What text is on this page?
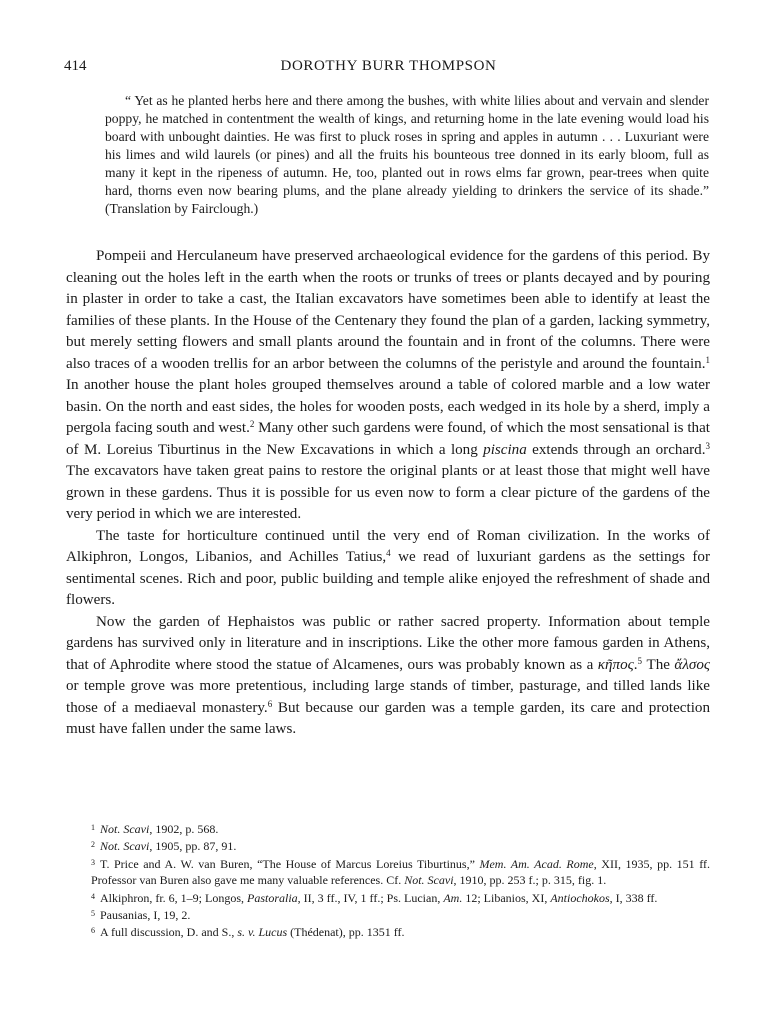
414	DOROTHY BURR THOMPSON
“ Yet as he planted herbs here and there among the bushes, with white lilies about and vervain and slender poppy, he matched in contentment the wealth of kings, and returning home in the late evening would load his board with unbought dainties. He was first to pluck roses in spring and apples in autumn . . . Luxuriant were his limes and wild laurels (or pines) and all the fruits his bounteous tree donned in its early bloom, full as many it kept in the ripeness of autumn. He, too, planted out in rows elms far grown, pear-trees when quite hard, thorns even now bearing plums, and the plane already yielding to drinkers the service of its shade.” (Translation by Fairclough.)

Pompeii and Herculaneum have preserved archaeological evidence for the gardens of this period. By cleaning out the holes left in the earth when the roots or trunks of trees or plants decayed and by pouring in plaster in order to take a cast, the Italian excavators have sometimes been able to identify at least the families of these plants. In the House of the Centenary they found the plan of a garden, lacking symmetry, but merely setting flowers and small plants around the fountain and in front of the columns. There were also traces of a wooden trellis for an arbor between the columns of the peristyle and around the fountain.$^1$ In another house the plant holes grouped themselves around a table of colored marble and a low water basin. On the north and east sides, the holes for wooden posts, each wedged in its hole by a sherd, imply a pergola facing south and west.$^2$ Many other such gardens were found, of which the most sensational is that of M. Loreius Tiburtinus in the New Excavations in which a long piscina extends through an orchard.$^3$ The excavators have taken great pains to restore the original plants or at least those that might well have grown in these gardens. Thus it is possible for us even now to form a clear picture of the gardens of the very period in which we are interested.

The taste for horticulture continued until the very end of Roman civilization. In the works of Alkiphron, Longos, Libanios, and Achilles Tatius,$^4$ we read of luxuriant gardens as the settings for sentimental scenes. Rich and poor, public building and temple alike enjoyed the refreshment of shade and flowers.

Now the garden of Hephaistos was public or rather sacred property. Information about temple gardens has survived only in literature and in inscriptions. Like the other more famous garden in Athens, that of Aphrodite where stood the statue of Alcamenes, ours was probably known as a κῆπος.$^5$ The ἄλσος or temple grove was more pretentious, including large stands of timber, pasturage, and tilled lands like those of a mediaeval monastery.$^6$ But because our garden was a temple garden, its care and protection must have fallen under the same laws.

$^1$ Not. Scavi, 1902, p. 568.
$^2$ Not. Scavi, 1905, pp. 87, 91.
$^3$ T. Price and A. W. van Buren, “The House of Marcus Loreius Tiburtinus,” Mem. Am. Acad. Rome, XII, 1935, pp. 151 ff. Professor van Buren also gave me many valuable references. Cf. Not. Scavi, 1910, pp. 253 f.; p. 315, fig. 1.
$^4$ Alkiphron, fr. 6, 1–9; Longos, Pastoralia, II, 3 ff., IV, 1 ff.; Ps. Lucian, Am. 12; Libanios, XI, Antiochokos, I, 338 ff.
$^5$ Pausanias, I, 19, 2.
$^6$ A full discussion, D. and S., s. v. Lucus (Thédenat), pp. 1351 ff.
